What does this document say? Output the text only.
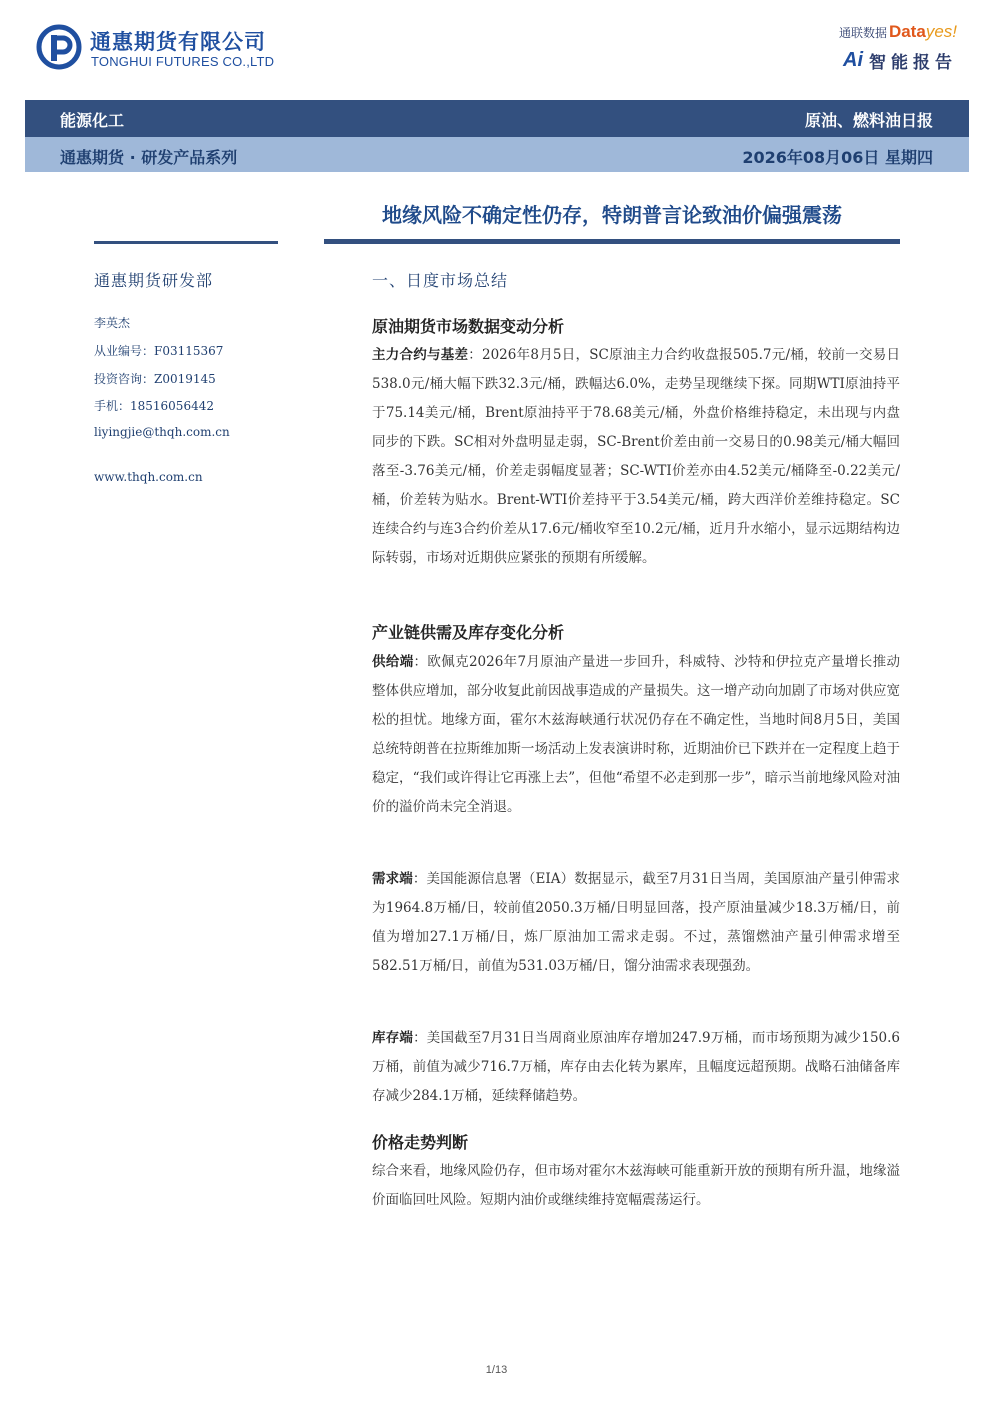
通惠期货有限公司
TONGHUI FUTURES CO.,LTD
通联数据 Data yes!
Ai 智能报告
能源化工	原油、燃料油日报
通惠期货 · 研发产品系列	2026年08月06日 星期四
地缘风险不确定性仍存，特朗普言论致油价偏强震荡
通惠期货研发部
李英杰
从业编号：F03115367
投资咨询：Z0019145
手机：18516056442
liyingjie@thqh.com.cn
www.thqh.com.cn
一、日度市场总结
原油期货市场数据变动分析
主力合约与基差：2026年8月5日，SC原油主力合约收盘报505.7元/桶，较前一交易日538.0元/桶大幅下跌32.3元/桶，跌幅达6.0%，走势呈现继续下探。同期WTI原油持平于75.14美元/桶，Brent原油持平于78.68美元/桶，外盘价格维持稳定，未出现与内盘同步的下跌。SC相对外盘明显走弱，SC-Brent价差由前一交易日的0.98美元/桶大幅回落至-3.76美元/桶，价差走弱幅度显著；SC-WTI价差亦由4.52美元/桶降至-0.22美元/桶，价差转为贴水。Brent-WTI价差持平于3.54美元/桶，跨大西洋价差维持稳定。SC连续合约与连3合约价差从17.6元/桶收窄至10.2元/桶，近月升水缩小，显示远期结构边际转弱，市场对近期供应紧张的预期有所缓解。
产业链供需及库存变化分析
供给端：欧佩克2026年7月原油产量进一步回升，科威特、沙特和伊拉克产量增长推动整体供应增加，部分收复此前因战事造成的产量损失。这一增产动向加剧了市场对供应宽松的担忧。地缘方面，霍尔木兹海峡通行状况仍存在不确定性，当地时间8月5日，美国总统特朗普在拉斯维加斯一场活动上发表演讲时称，近期油价已下跌并在一定程度上趋于稳定，“我们或许得让它再涨上去”，但他“希望不必走到那一步”，暗示当前地缘风险对油价的溢价尚未完全消退。
需求端：美国能源信息署（EIA）数据显示，截至7月31日当周，美国原油产量引伸需求为1964.8万桶/日，较前值2050.3万桶/日明显回落，投产原油量减少18.3万桶/日，前值为增加27.1万桶/日，炼厂原油加工需求走弱。不过，蒸馏燃油产量引伸需求增至582.51万桶/日，前值为531.03万桶/日，馏分油需求表现强劲。
库存端：美国截至7月31日当周商业原油库存增加247.9万桶，而市场预期为减少150.6万桶，前值为减少716.7万桶，库存由去化转为累库，且幅度远超预期。战略石油储备库存减少284.1万桶，延续释储趋势。
价格走势判断
综合来看，地缘风险仍存，但市场对霍尔木兹海峡可能重新开放的预期有所升温，地缘溢价面临回吐风险。短期内油价或继续维持宽幅震荡运行。
1/13
